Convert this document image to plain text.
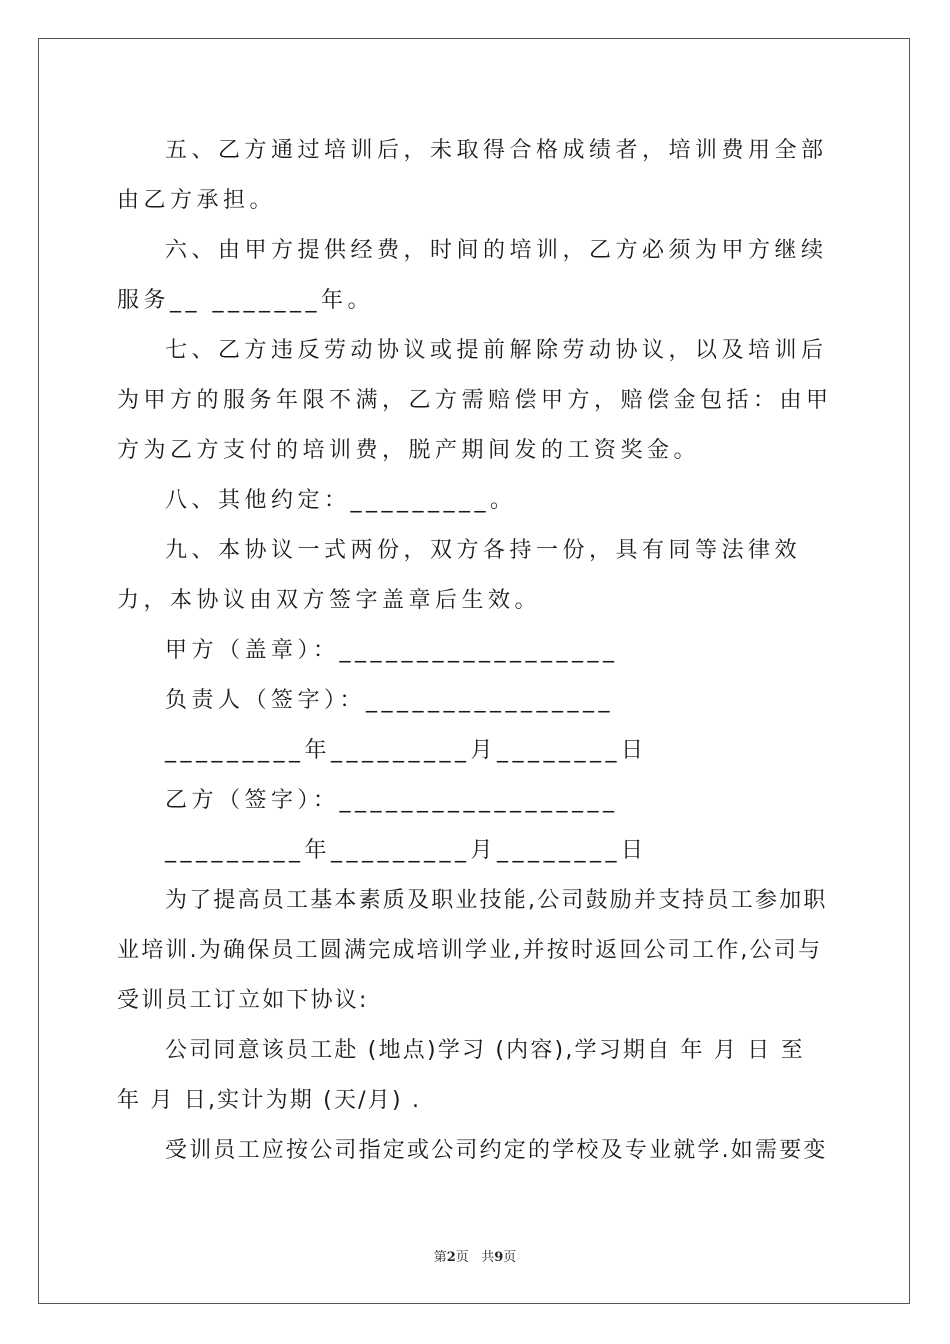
五、乙方通过培训后，未取得合格成绩者，培训费用全部由乙方承担。

六、由甲方提供经费，时间的培训，乙方必须为甲方继续服务__ _______年。

七、乙方违反劳动协议或提前解除劳动协议，以及培训后为甲方的服务年限不满，乙方需赔偿甲方，赔偿金包括：由甲方为乙方支付的培训费，脱产期间发的工资奖金。

八、其他约定：_________。

九、本协议一式两份，双方各持一份，具有同等法律效力，本协议由双方签字盖章后生效。

甲方（盖章）：__________________

负责人（签字）：________________

_________年_________月________日

乙方（签字）：__________________

_________年_________月________日

为了提高员工基本素质及职业技能,公司鼓励并支持员工参加职业培训.为确保员工圆满完成培训学业,并按时返回公司工作,公司与受训员工订立如下协议:

公司同意该员工赴 (地点)学习 (内容),学习期自 年 月 日 至 年 月 日,实计为期 (天/月) .

受训员工应按公司指定或公司约定的学校及专业就学.如需要变

第2页 共9页
